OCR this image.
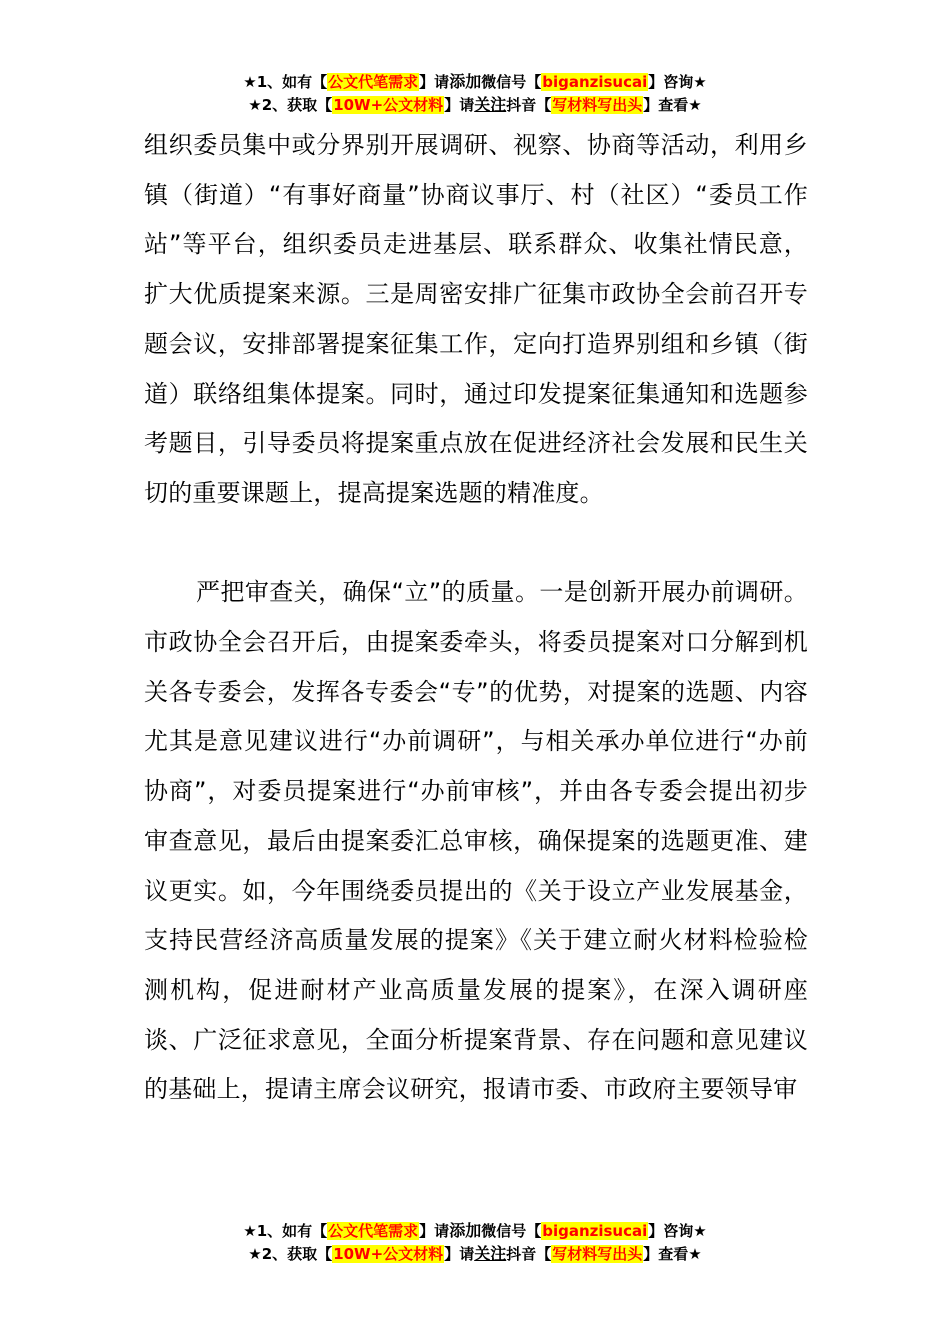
★1、如有【公文代笔需求】请添加微信号【biganzisucai】咨询★
★2、获取【10W+公文材料】请关注抖音【写材料写出头】查看★

组织委员集中或分界别开展调研、视察、协商等活动，利用乡镇（街道）“有事好商量”协商议事厅、村（社区）“委员工作站”等平台，组织委员走进基层、联系群众、收集社情民意，扩大优质提案来源。三是周密安排广征集市政协全会前召开专题会议，安排部署提案征集工作，定向打造界别组和乡镇（街道）联络组集体提案。同时，通过印发提案征集通知和选题参考题目，引导委员将提案重点放在促进经济社会发展和民生关切的重要课题上，提高提案选题的精准度。

严把审查关，确保“立”的质量。一是创新开展办前调研。市政协全会召开后，由提案委牵头，将委员提案对口分解到机关各专委会，发挥各专委会“专”的优势，对提案的选题、内容尤其是意见建议进行“办前调研”，与相关承办单位进行“办前协商”，对委员提案进行“办前审核”，并由各专委会提出初步审查意见，最后由提案委汇总审核，确保提案的选题更准、建议更实。如，今年围绕委员提出的《关于设立产业发展基金，支持民营经济高质量发展的提案》《关于建立耐火材料检验检测机构，促进耐材产业高质量发展的提案》，在深入调研座谈、广泛征求意见，全面分析提案背景、存在问题和意见建议的基础上，提请主席会议研究，报请市委、市政府主要领导审

★1、如有【公文代笔需求】请添加微信号【biganzisucai】咨询★
★2、获取【10W+公文材料】请关注抖音【写材料写出头】查看★
